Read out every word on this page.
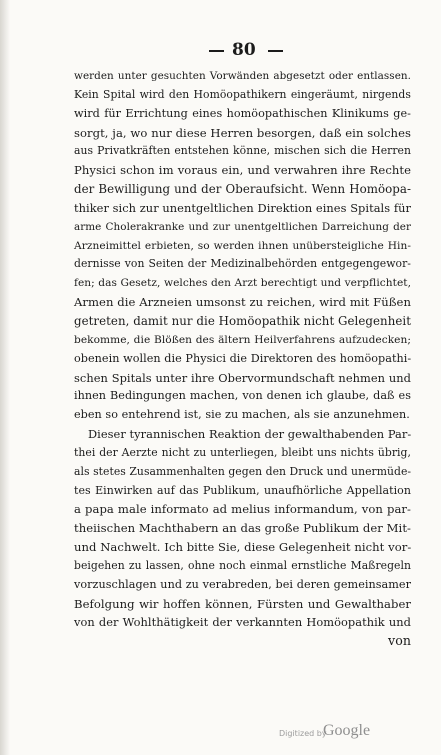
80
werden unter gesuchten Vorwänden abgesetzt oder entlassen.
Kein Spital wird den Homöopathikern eingeräumt, nirgends
wird für Errichtung eines homöopathischen Klinikums ge-
sorgt, ja, wo nur diese Herren besorgen, daß ein solches
aus Privatkräften entstehen könne, mischen sich die Herren
Physici schon im voraus ein, und verwahren ihre Rechte
der Bewilligung und der Oberaufsicht. Wenn Homöopa-
thiker sich zur unentgeltlichen Direktion eines Spitals für
arme Cholerakranke und zur unentgeltlichen Darreichung der
Arzneimittel erbieten, so werden ihnen unübersteigliche Hin-
dernisse von Seiten der Medizinalbehörden entgegengewor-
fen; das Gesetz, welches den Arzt berechtigt und verpflichtet,
Armen die Arzneien umsonst zu reichen, wird mit Füßen
getreten, damit nur die Homöopathik nicht Gelegenheit
bekomme, die Blößen des ältern Heilverfahrens aufzudecken;
obenein wollen die Physici die Direktoren des homöopathi-
schen Spitals unter ihre Obervormundschaft nehmen und
ihnen Bedingungen machen, von denen ich glaube, daß es
eben so entehrend ist, sie zu machen, als sie anzunehmen.
Dieser tyrannischen Reaktion der gewalthabenden Par-
thei der Aerzte nicht zu unterliegen, bleibt uns nichts übrig,
als stetes Zusammenhalten gegen den Druck und unermüde-
tes Einwirken auf das Publikum, unaufhörliche Appellation
a papa male informato ad melius informandum, von par-
theiischen Machthabern an das große Publikum der Mit-
und Nachwelt. Ich bitte Sie, diese Gelegenheit nicht vor-
beigehen zu lassen, ohne noch einmal ernstliche Maßregeln
vorzuschlagen und zu verabreden, bei deren gemeinsamer
Befolgung wir hoffen können, Fürsten und Gewalthaber
von der Wohlthätigkeit der verkannten Homöopathik und
von
Digitized by
Google
